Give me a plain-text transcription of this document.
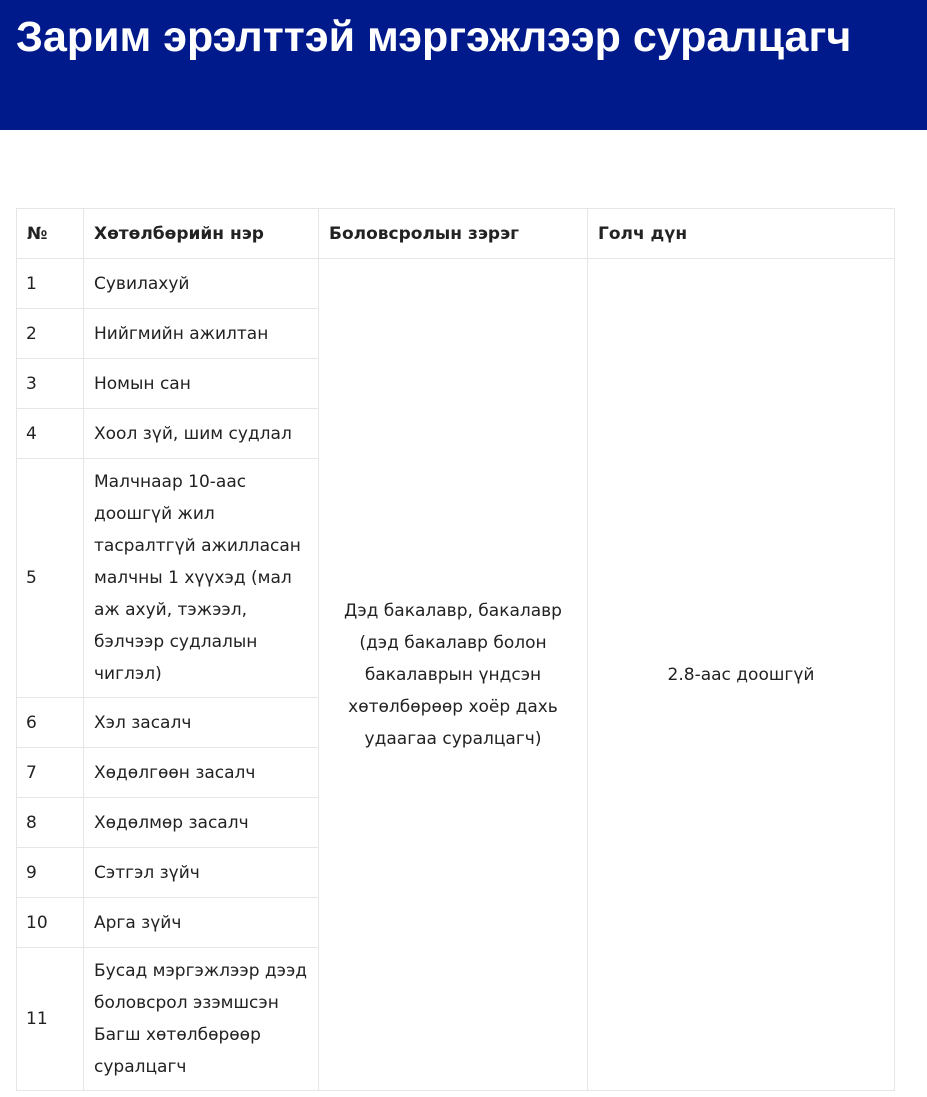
Зарим эрэлттэй мэргэжлээр суралцагч
№	Хөтөлбөрийн нэр	Боловсролын зэрэг	Голч дүн
1	Сувилахуй	Дэд бакалавр, бакалавр (дэд бакалавр болон бакалаврын үндсэн хөтөлбөрөөр хоёр дахь удаагаа суралцагч)	2.8-аас доошгүй
2	Нийгмийн ажилтан		
3	Номын сан		
4	Хоол зүй, шим судлал		
5	Малчнаар 10-аас доошгүй жил тасралтгүй ажилласан малчны 1 хүүхэд (мал аж ахуй, тэжээл, бэлчээр судлалын чиглэл)		
6	Хэл засалч		
7	Хөдөлгөөн засалч		
8	Хөдөлмөр засалч		
9	Сэтгэл зүйч		
10	Арга зүйч		
11	Бусад мэргэжлээр дээд боловсрол эзэмшсэн Багш хөтөлбөрөөр суралцагч		
